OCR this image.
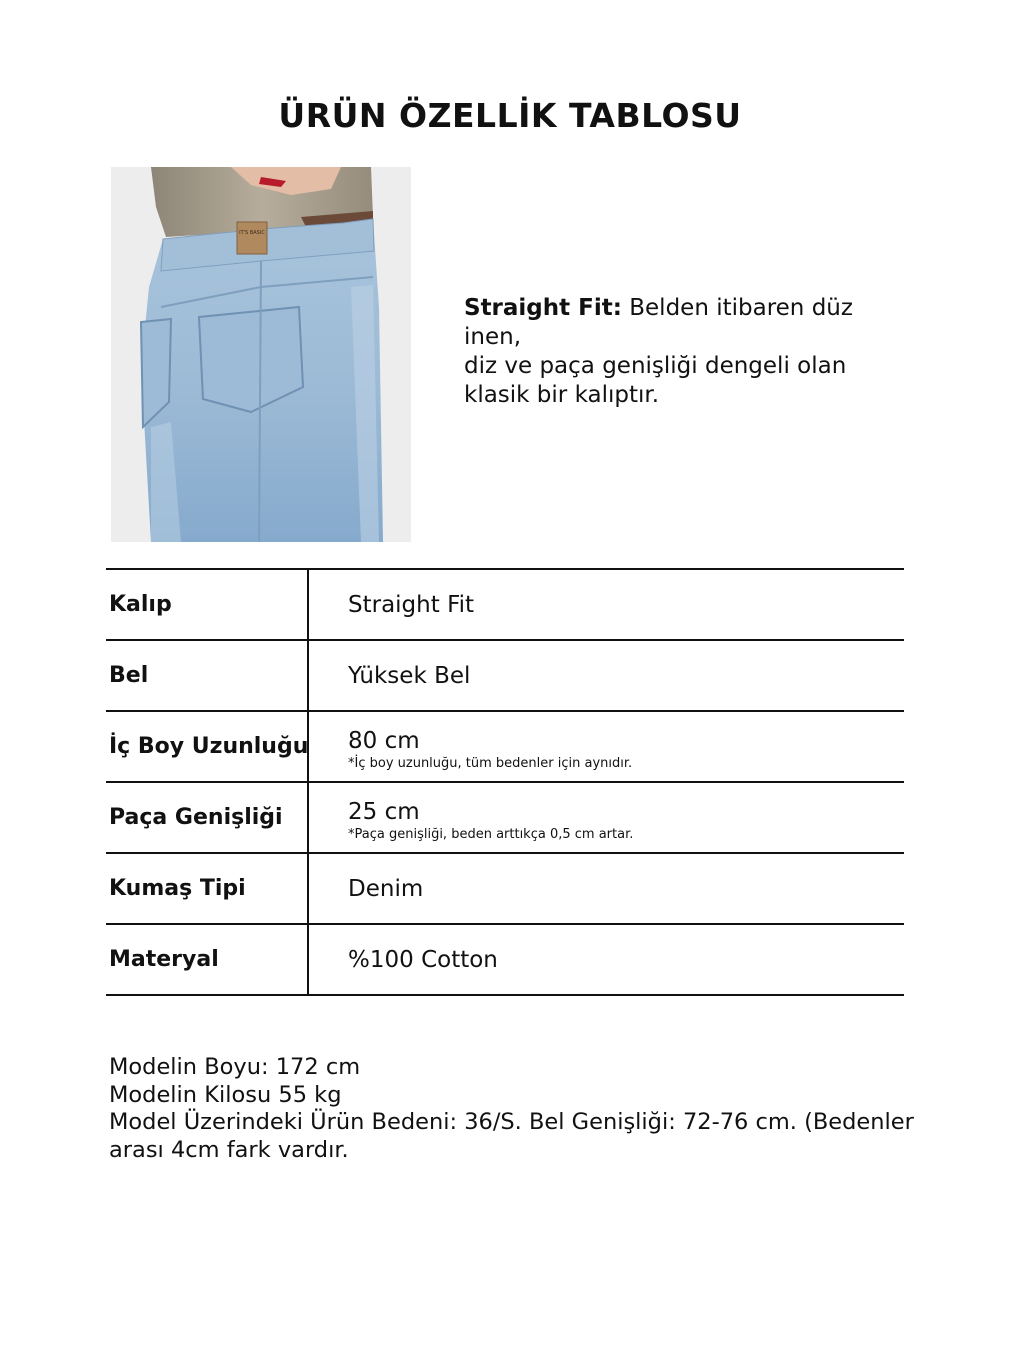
ÜRÜN ÖZELLİK TABLOSU
IT'S BASIC
Straight Fit: Belden itibaren düz inen,
diz ve paça genişliği dengeli olan
klasik bir kalıptır.
Kalıp	Straight Fit
Bel	Yüksek Bel
İç Boy Uzunluğu 80 cm
*İç boy uzunluğu, tüm bedenler için aynıdır.
Paça Genişliği	25 cm
*Paça genişliği, beden arttıkça 0,5 cm artar.
Kumaş Tipi	Denim
Materyal	%100 Cotton
Modelin Boyu: 172 cm
Modelin Kilosu 55 kg
Model Üzerindeki Ürün Bedeni: 36/S. Bel Genişliği: 72-76 cm. (Bedenler
arası 4cm fark vardır.
